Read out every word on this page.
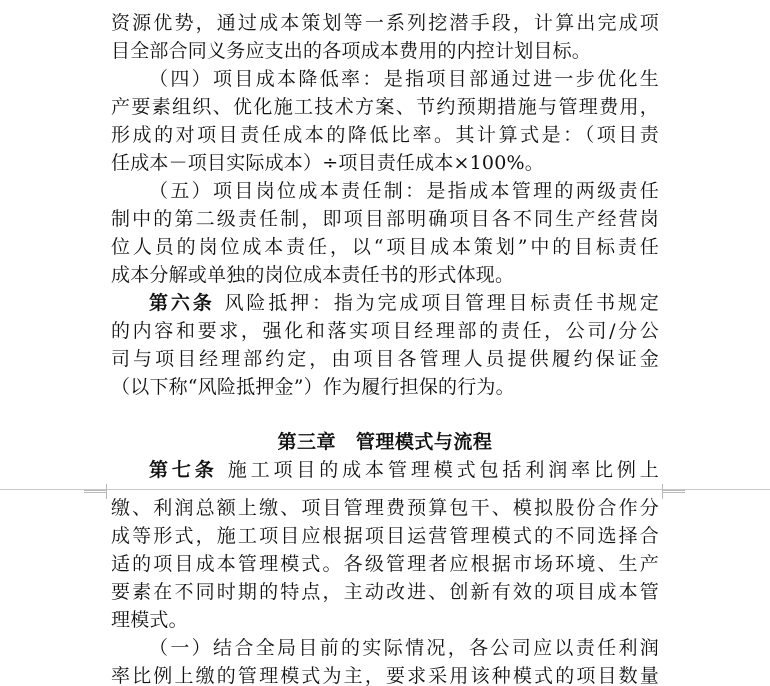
资源优势，通过成本策划等一系列挖潜手段，计算出完成项
目全部合同义务应支出的各项成本费用的内控计划目标。
（四）项目成本降低率：是指项目部通过进一步优化生
产要素组织、优化施工技术方案、节约预期措施与管理费用，
形成的对项目责任成本的降低比率。其计算式是：（项目责
任成本－项目实际成本）÷项目责任成本×100%。
（五）项目岗位成本责任制：是指成本管理的两级责任
制中的第二级责任制，即项目部明确项目各不同生产经营岗
位人员的岗位成本责任，以“项目成本策划”中的目标责任
成本分解或单独的岗位成本责任书的形式体现。
第六条 风险抵押：指为完成项目管理目标责任书规定
的内容和要求，强化和落实项目经理部的责任，公司/分公
司与项目经理部约定，由项目各管理人员提供履约保证金
（以下称“风险抵押金”）作为履行担保的行为。
第三章 管理模式与流程
第七条 施工项目的成本管理模式包括利润率比例上
缴、利润总额上缴、项目管理费预算包干、模拟股份合作分
成等形式，施工项目应根据项目运营管理模式的不同选择合
适的项目成本管理模式。各级管理者应根据市场环境、生产
要素在不同时期的特点，主动改进、创新有效的项目成本管
理模式。
（一）结合全局目前的实际情况，各公司应以责任利润
率比例上缴的管理模式为主，要求采用该种模式的项目数量
